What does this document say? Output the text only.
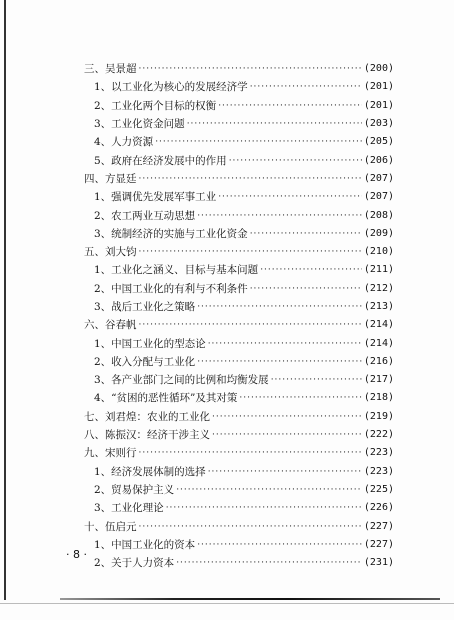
三、吴景超 ·····	(200)
1、以工业化为核心的发展经济学 ·····	(201)
2、工业化两个目标的权衡 ·····	(201)
3、工业化资金问题 ·····	(203)
4、人力资源 ·····	(205)
5、政府在经济发展中的作用 ·····	(206)
四、方显廷 ·····	(207)
1、强调优先发展军事工业 ·····	(207)
2、农工两业互动思想 ·····	(208)
3、统制经济的实施与工业化资金 ·····	(209)
五、刘大钧 ·····	(210)
1、工业化之涵义、目标与基本问题 ·····	(211)
2、中国工业化的有利与不利条件 ·····	(212)
3、战后工业化之策略 ·····	(213)
六、谷春帆 ·····	(214)
1、中国工业化的型态论 ·····	(214)
2、收入分配与工业化 ·····	(216)
3、各产业部门之间的比例和均衡发展 ·····	(217)
4、“贫困的恶性循环”及其对策 ·····	(218)
七、刘君煌：农业的工业化 ·····	(219)
八、陈振汉：经济干涉主义 ·····	(222)
九、宋则行 ·····	(223)
1、经济发展体制的选择 ·····	(223)
2、贸易保护主义 ·····	(225)
3、工业化理论 ·····	(226)
十、伍启元 ·····	(227)
1、中国工业化的资本 ·····	(227)
2、关于人力资本 ·····	(231)
· 8 ·
